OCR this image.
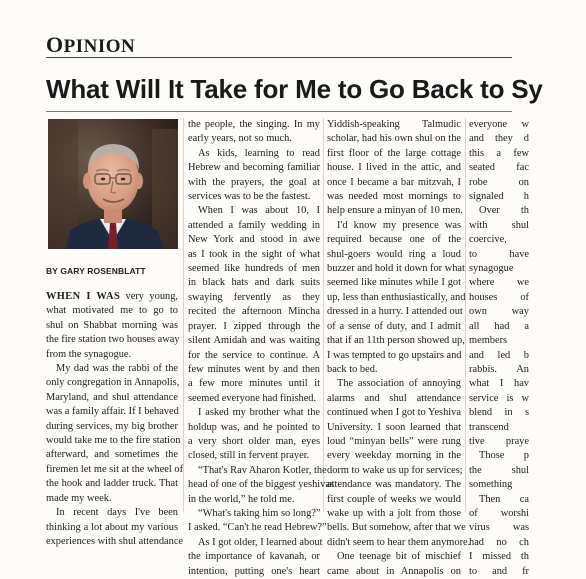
OPINION
What Will It Take for Me to Go Back to Sy
BY GARY ROSENBLATT
WHEN I WAS very young,
what motivated me to go to
shul on Shabbat morning was
the fire station two houses away
from the synagogue.
My dad was the rabbi of the
only congregation in Annapolis,
Maryland, and shul attendance
was a family affair. If I behaved
during services, my big brother
would take me to the fire station
afterward, and sometimes the
firemen let me sit at the wheel of
the hook and ladder truck. That
made my week.
In recent days I've been
thinking a lot about my various
experiences with shul attendance
the people, the singing. In my
early years, not so much.
As kids, learning to read
Hebrew and becoming familiar
with the prayers, the goal at
services was to be the fastest.
When I was about 10, I
attended a family wedding in
New York and stood in awe
as I took in the sight of what
seemed like hundreds of men
in black hats and dark suits
swaying fervently as they
recited the afternoon Mincha
prayer. I zipped through the
silent Amidah and was waiting
for the service to continue. A
few minutes went by and then
a few more minutes until it
seemed everyone had finished.
I asked my brother what the
holdup was, and he pointed to
a very short older man, eyes
closed, still in fervent prayer.
“That's Rav Aharon Kotler, the
head of one of the biggest yeshivas
in the world,” he told me.
“What's taking him so long?”
I asked. “Can't he read Hebrew?”
As I got older, I learned about
the importance of kavanah, or
intention, putting one's heart
Yiddish-speaking Talmudic
scholar, had his own shul on the
first floor of the large cottage
house. I lived in the attic, and
once I became a bar mitzvah, I
was needed most mornings to
help ensure a minyan of 10 men.
I'd know my presence was
required because one of the
shul-goers would ring a loud
buzzer and hold it down for what
seemed like minutes while I got
up, less than enthusiastically, and
dressed in a hurry. I attended out
of a sense of duty, and I admit
that if an 11th person showed up,
I was tempted to go upstairs and
back to bed.
The association of annoying
alarms and shul attendance
continued when I got to Yeshiva
University. I soon learned that
loud “minyan bells” were rung
every weekday morning in the
dorm to wake us up for services;
attendance was mandatory. The
first couple of weeks we would
wake up with a jolt from those
bells. But somehow, after that we
didn't seem to hear them anymore.
One teenage bit of mischief
came about in Annapolis on
everyone w
and they d
this a few
seated fac
robe on
signaled h
Over th
with shul
coercive,
to have
synagogue
where we
houses of
own way
all had a
members
and led b
rabbis. An
what I hav
service is w
blend in s
transcend
tive praye
Those p
the shul
something
Then ca
of worshi
virus was
had no ch
I missed th
to and fr
